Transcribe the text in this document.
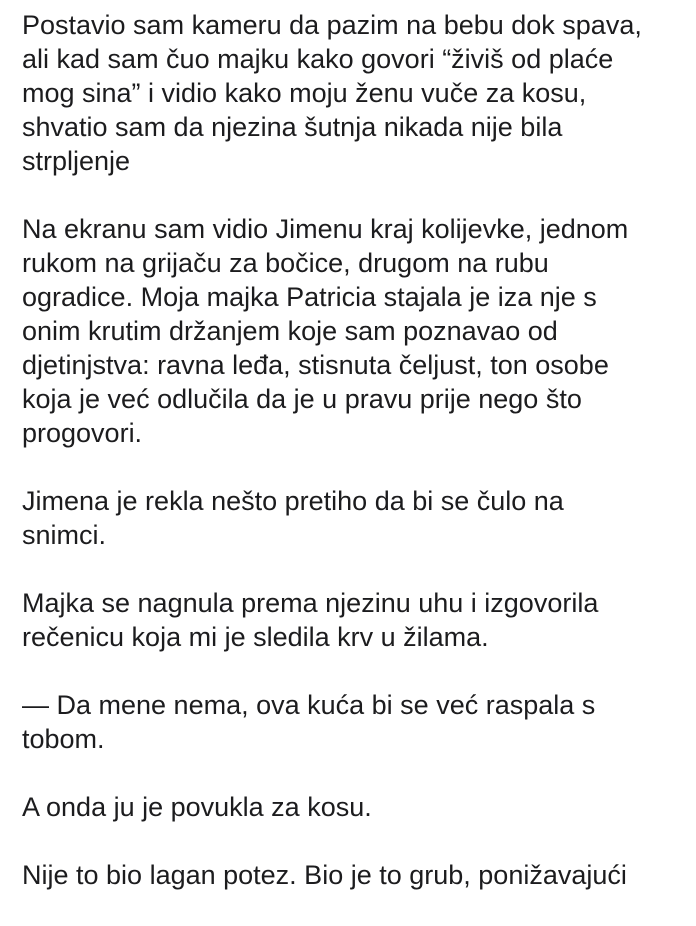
Postavio sam kameru da pazim na bebu dok spava,
ali kad sam čuo majku kako govori “živiš od plaće
mog sina” i vidio kako moju ženu vuče za kosu,
shvatio sam da njezina šutnja nikada nije bila
strpljenje

Na ekranu sam vidio Jimenu kraj kolijevke, jednom
rukom na grijaču za bočice, drugom na rubu
ogradice. Moja majka Patricia stajala je iza nje s
onim krutim držanjem koje sam poznavao od
djetinjstva: ravna leđa, stisnuta čeljust, ton osobe
koja je već odlučila da je u pravu prije nego što
progovori.

Jimena je rekla nešto pretiho da bi se čulo na
snimci.

Majka se nagnula prema njezinu uhu i izgovorila
rečenicu koja mi je sledila krv u žilama.

— Da mene nema, ova kuća bi se već raspala s
tobom.

A onda ju je povukla za kosu.

Nije to bio lagan potez. Bio je to grub, ponižavajući
